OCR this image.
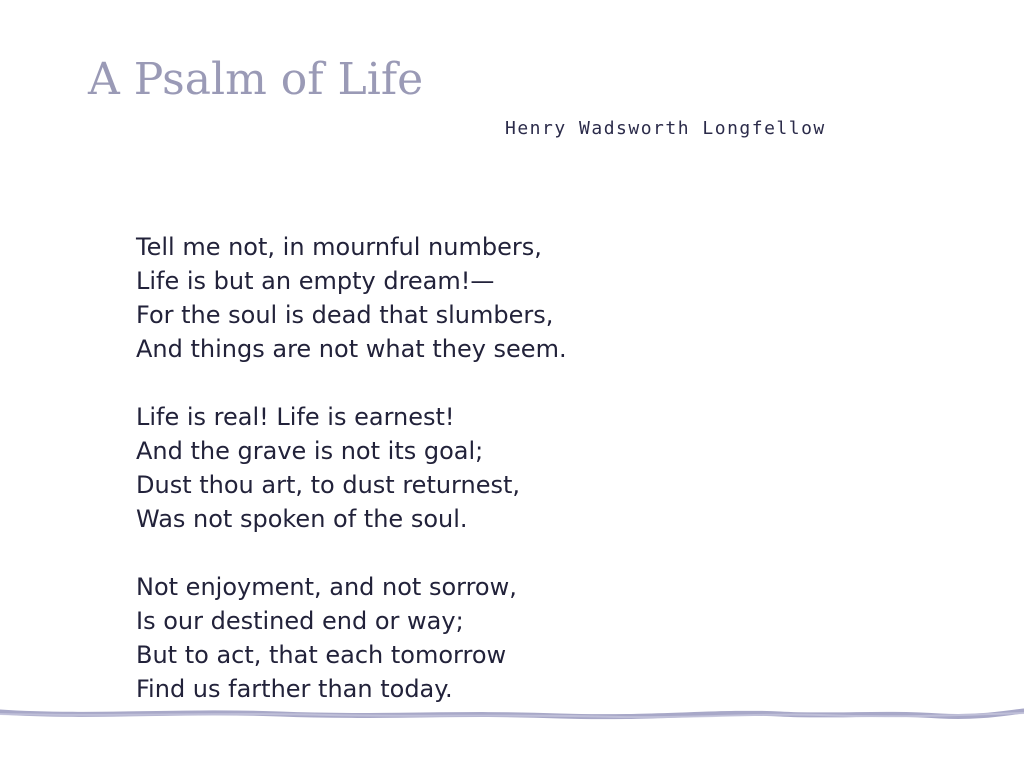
A Psalm of Life
Henry Wadsworth Longfellow
Tell me not, in mournful numbers,
Life is but an empty dream!—
For the soul is dead that slumbers,
And things are not what they seem.
Life is real! Life is earnest!
And the grave is not its goal;
Dust thou art, to dust returnest,
Was not spoken of the soul.
Not enjoyment, and not sorrow,
Is our destined end or way;
But to act, that each tomorrow
Find us farther than today.
